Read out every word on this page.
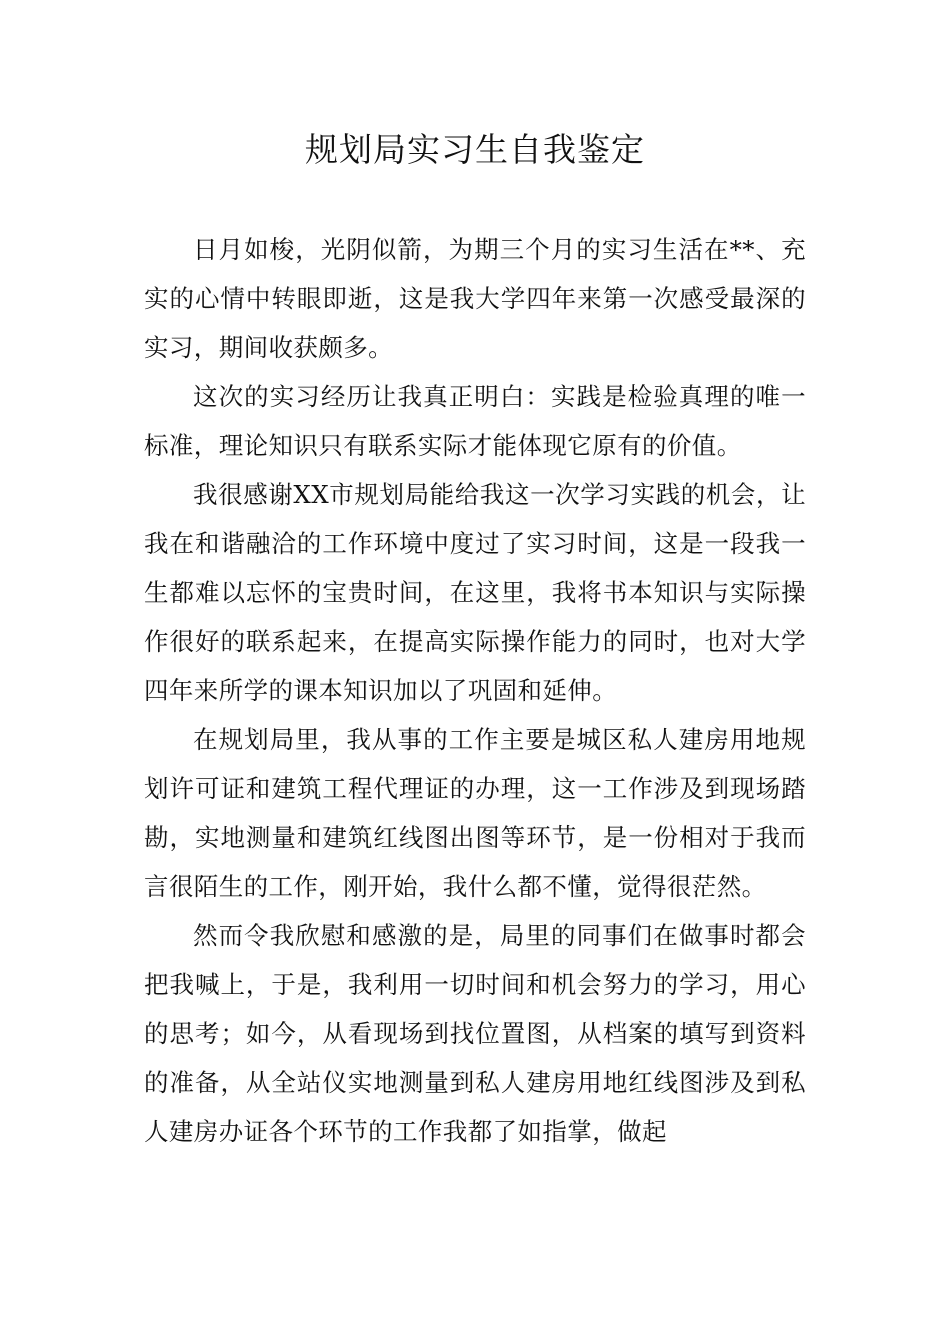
规划局实习生自我鉴定

日月如梭，光阴似箭，为期三个月的实习生活在**、充实的心情中转眼即逝，这是我大学四年来第一次感受最深的实习，期间收获颇多。

这次的实习经历让我真正明白：实践是检验真理的唯一标准，理论知识只有联系实际才能体现它原有的价值。

我很感谢XX市规划局能给我这一次学习实践的机会，让我在和谐融洽的工作环境中度过了实习时间，这是一段我一生都难以忘怀的宝贵时间，在这里，我将书本知识与实际操作很好的联系起来，在提高实际操作能力的同时，也对大学四年来所学的课本知识加以了巩固和延伸。

在规划局里，我从事的工作主要是城区私人建房用地规划许可证和建筑工程代理证的办理，这一工作涉及到现场踏勘，实地测量和建筑红线图出图等环节，是一份相对于我而言很陌生的工作，刚开始，我什么都不懂，觉得很茫然。

然而令我欣慰和感激的是，局里的同事们在做事时都会把我喊上，于是，我利用一切时间和机会努力的学习，用心的思考；如今，从看现场到找位置图，从档案的填写到资料的准备，从全站仪实地测量到私人建房用地红线图涉及到私人建房办证各个环节的工作我都了如指掌，做起
